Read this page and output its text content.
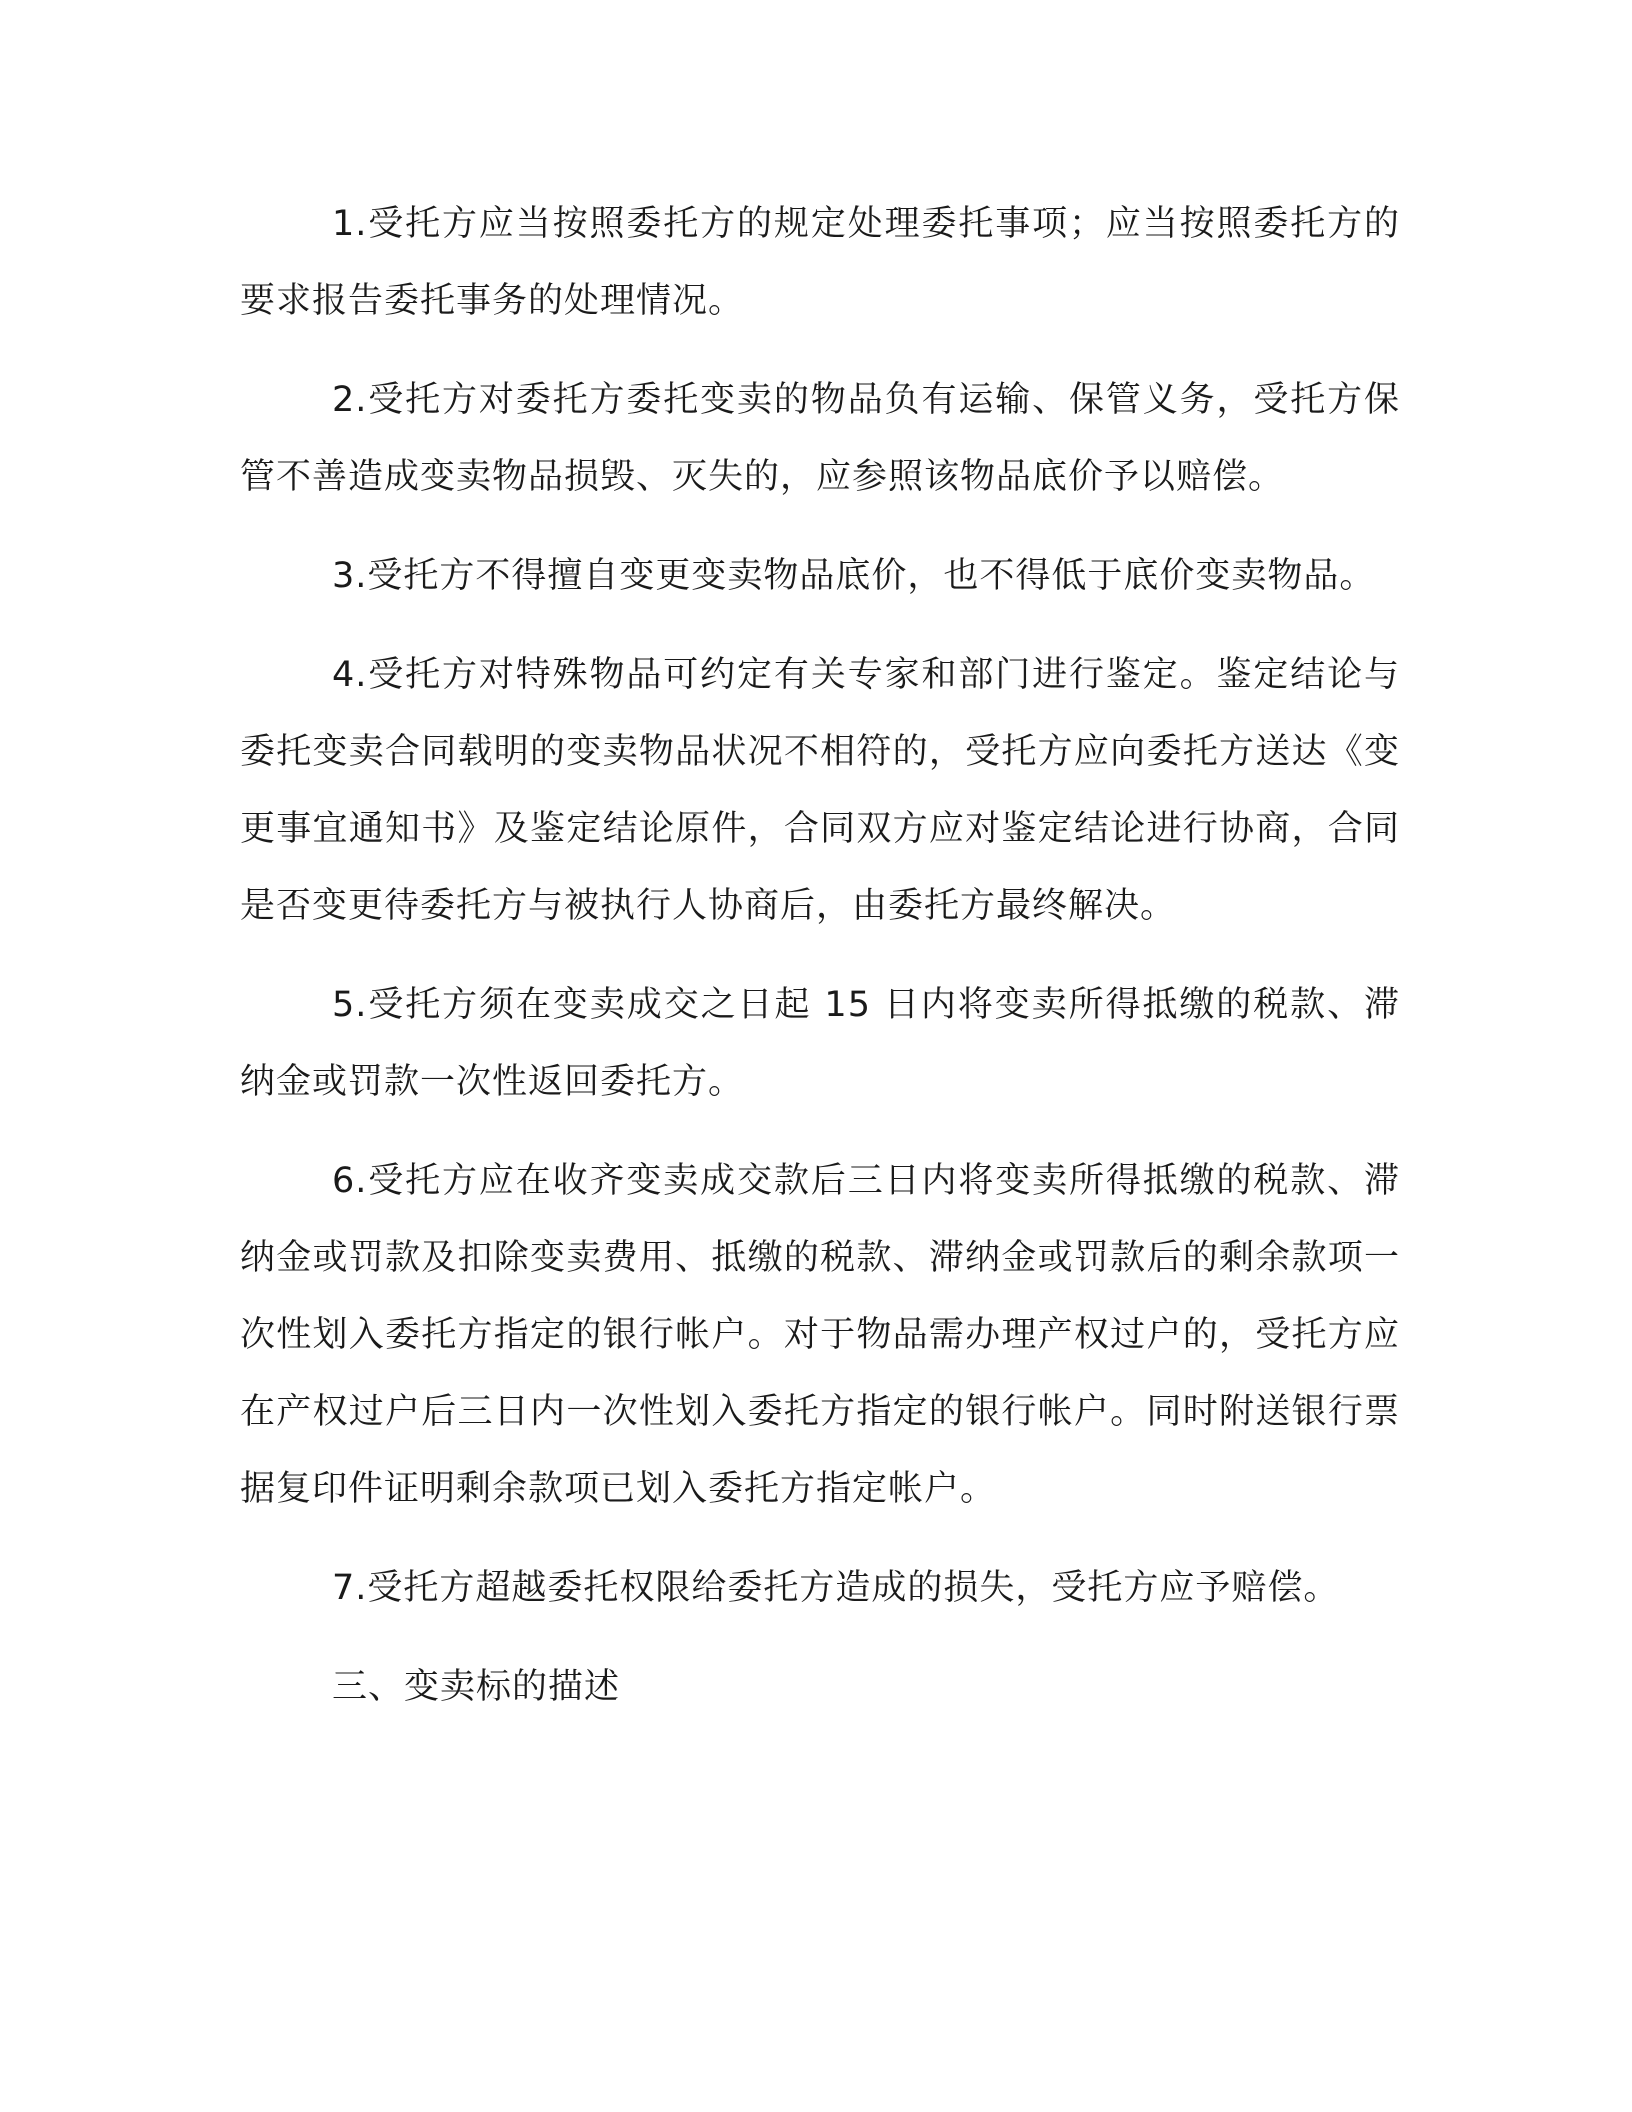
1.受托方应当按照委托方的规定处理委托事项；应当按照委托方的要求报告委托事务的处理情况。

2.受托方对委托方委托变卖的物品负有运输、保管义务，受托方保管不善造成变卖物品损毁、灭失的，应参照该物品底价予以赔偿。

3.受托方不得擅自变更变卖物品底价，也不得低于底价变卖物品。

4.受托方对特殊物品可约定有关专家和部门进行鉴定。鉴定结论与委托变卖合同载明的变卖物品状况不相符的，受托方应向委托方送达《变更事宜通知书》及鉴定结论原件，合同双方应对鉴定结论进行协商，合同是否变更待委托方与被执行人协商后，由委托方最终解决。

5.受托方须在变卖成交之日起 15 日内将变卖所得抵缴的税款、滞纳金或罚款一次性返回委托方。

6.受托方应在收齐变卖成交款后三日内将变卖所得抵缴的税款、滞纳金或罚款及扣除变卖费用、抵缴的税款、滞纳金或罚款后的剩余款项一次性划入委托方指定的银行帐户。对于物品需办理产权过户的，受托方应在产权过户后三日内一次性划入委托方指定的银行帐户。同时附送银行票据复印件证明剩余款项已划入委托方指定帐户。

7.受托方超越委托权限给委托方造成的损失，受托方应予赔偿。

三、变卖标的描述
